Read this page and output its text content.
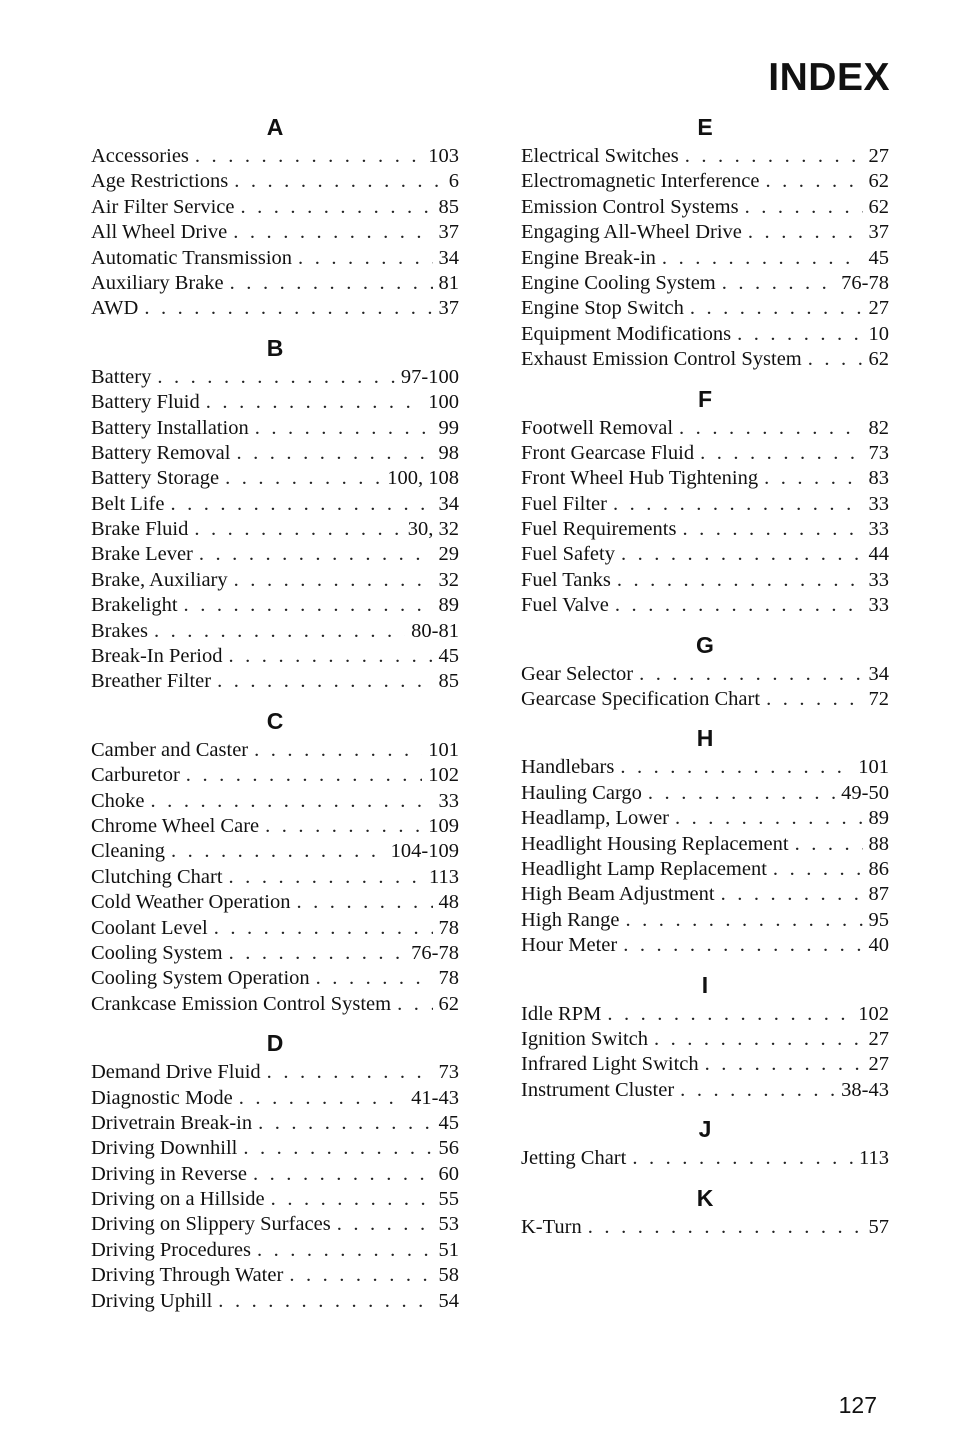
INDEX
A
Accessories . . .	103
Age Restrictions . . .	6
Air Filter Service . . .	85
All Wheel Drive . . .	37
Automatic Transmission . . .	34
Auxiliary Brake . . .	81
AWD . . .	37
B
Battery . . .	97-100
Battery Fluid . . .	100
Battery Installation . . .	99
Battery Removal . . .	98
Battery Storage . . .	100, 108
Belt Life . . .	34
Brake Fluid . . .	30, 32
Brake Lever . . .	29
Brake, Auxiliary . . .	32
Brakelight . . .	89
Brakes . . .	80-81
Break-In Period . . .	45
Breather Filter . . .	85
C
Camber and Caster . . .	101
Carburetor . . .	102
Choke . . .	33
Chrome Wheel Care . . .	109
Cleaning . . .	104-109
Clutching Chart . . .	113
Cold Weather Operation . . .	48
Coolant Level . . .	78
Cooling System . . .	76-78
Cooling System Operation . . .	78
Crankcase Emission Control System . . . 62
D
Demand Drive Fluid . . .	73
Diagnostic Mode . . .	41-43
Drivetrain Break-in . . .	45
Driving Downhill . . .	56
Driving in Reverse . . .	60
Driving on a Hillside . . .	55
Driving on Slippery Surfaces . . .	53
Driving Procedures . . .	51
Driving Through Water . . .	58
Driving Uphill . . .	54
E
Electrical Switches . . .	27
Electromagnetic Interference . . .	62
Emission Control Systems . . .	62
Engaging All-Wheel Drive . . .	37
Engine Break-in . . .	45
Engine Cooling System . . .	76-78
Engine Stop Switch . . .	27
Equipment Modifications . . .	10
Exhaust Emission Control System . . .	62
F
Footwell Removal . . .	82
Front Gearcase Fluid . . .	73
Front Wheel Hub Tightening . . .	83
Fuel Filter . . .	33
Fuel Requirements . . .	33
Fuel Safety . . .	44
Fuel Tanks . . .	33
Fuel Valve . . .	33
G
Gear Selector . . .	34
Gearcase Specification Chart . . .	72
H
Handlebars . . .	101
Hauling Cargo . . .	49-50
Headlamp, Lower . . .	89
Headlight Housing Replacement . . .	88
Headlight Lamp Replacement . . .	86
High Beam Adjustment . . .	87
High Range . . .	95
Hour Meter . . .	40
I
Idle RPM . . .	102
Ignition Switch . . .	27
Infrared Light Switch . . .	27
Instrument Cluster . . .	38-43
J
Jetting Chart . . .	113
K
K-Turn . . .	57
127
